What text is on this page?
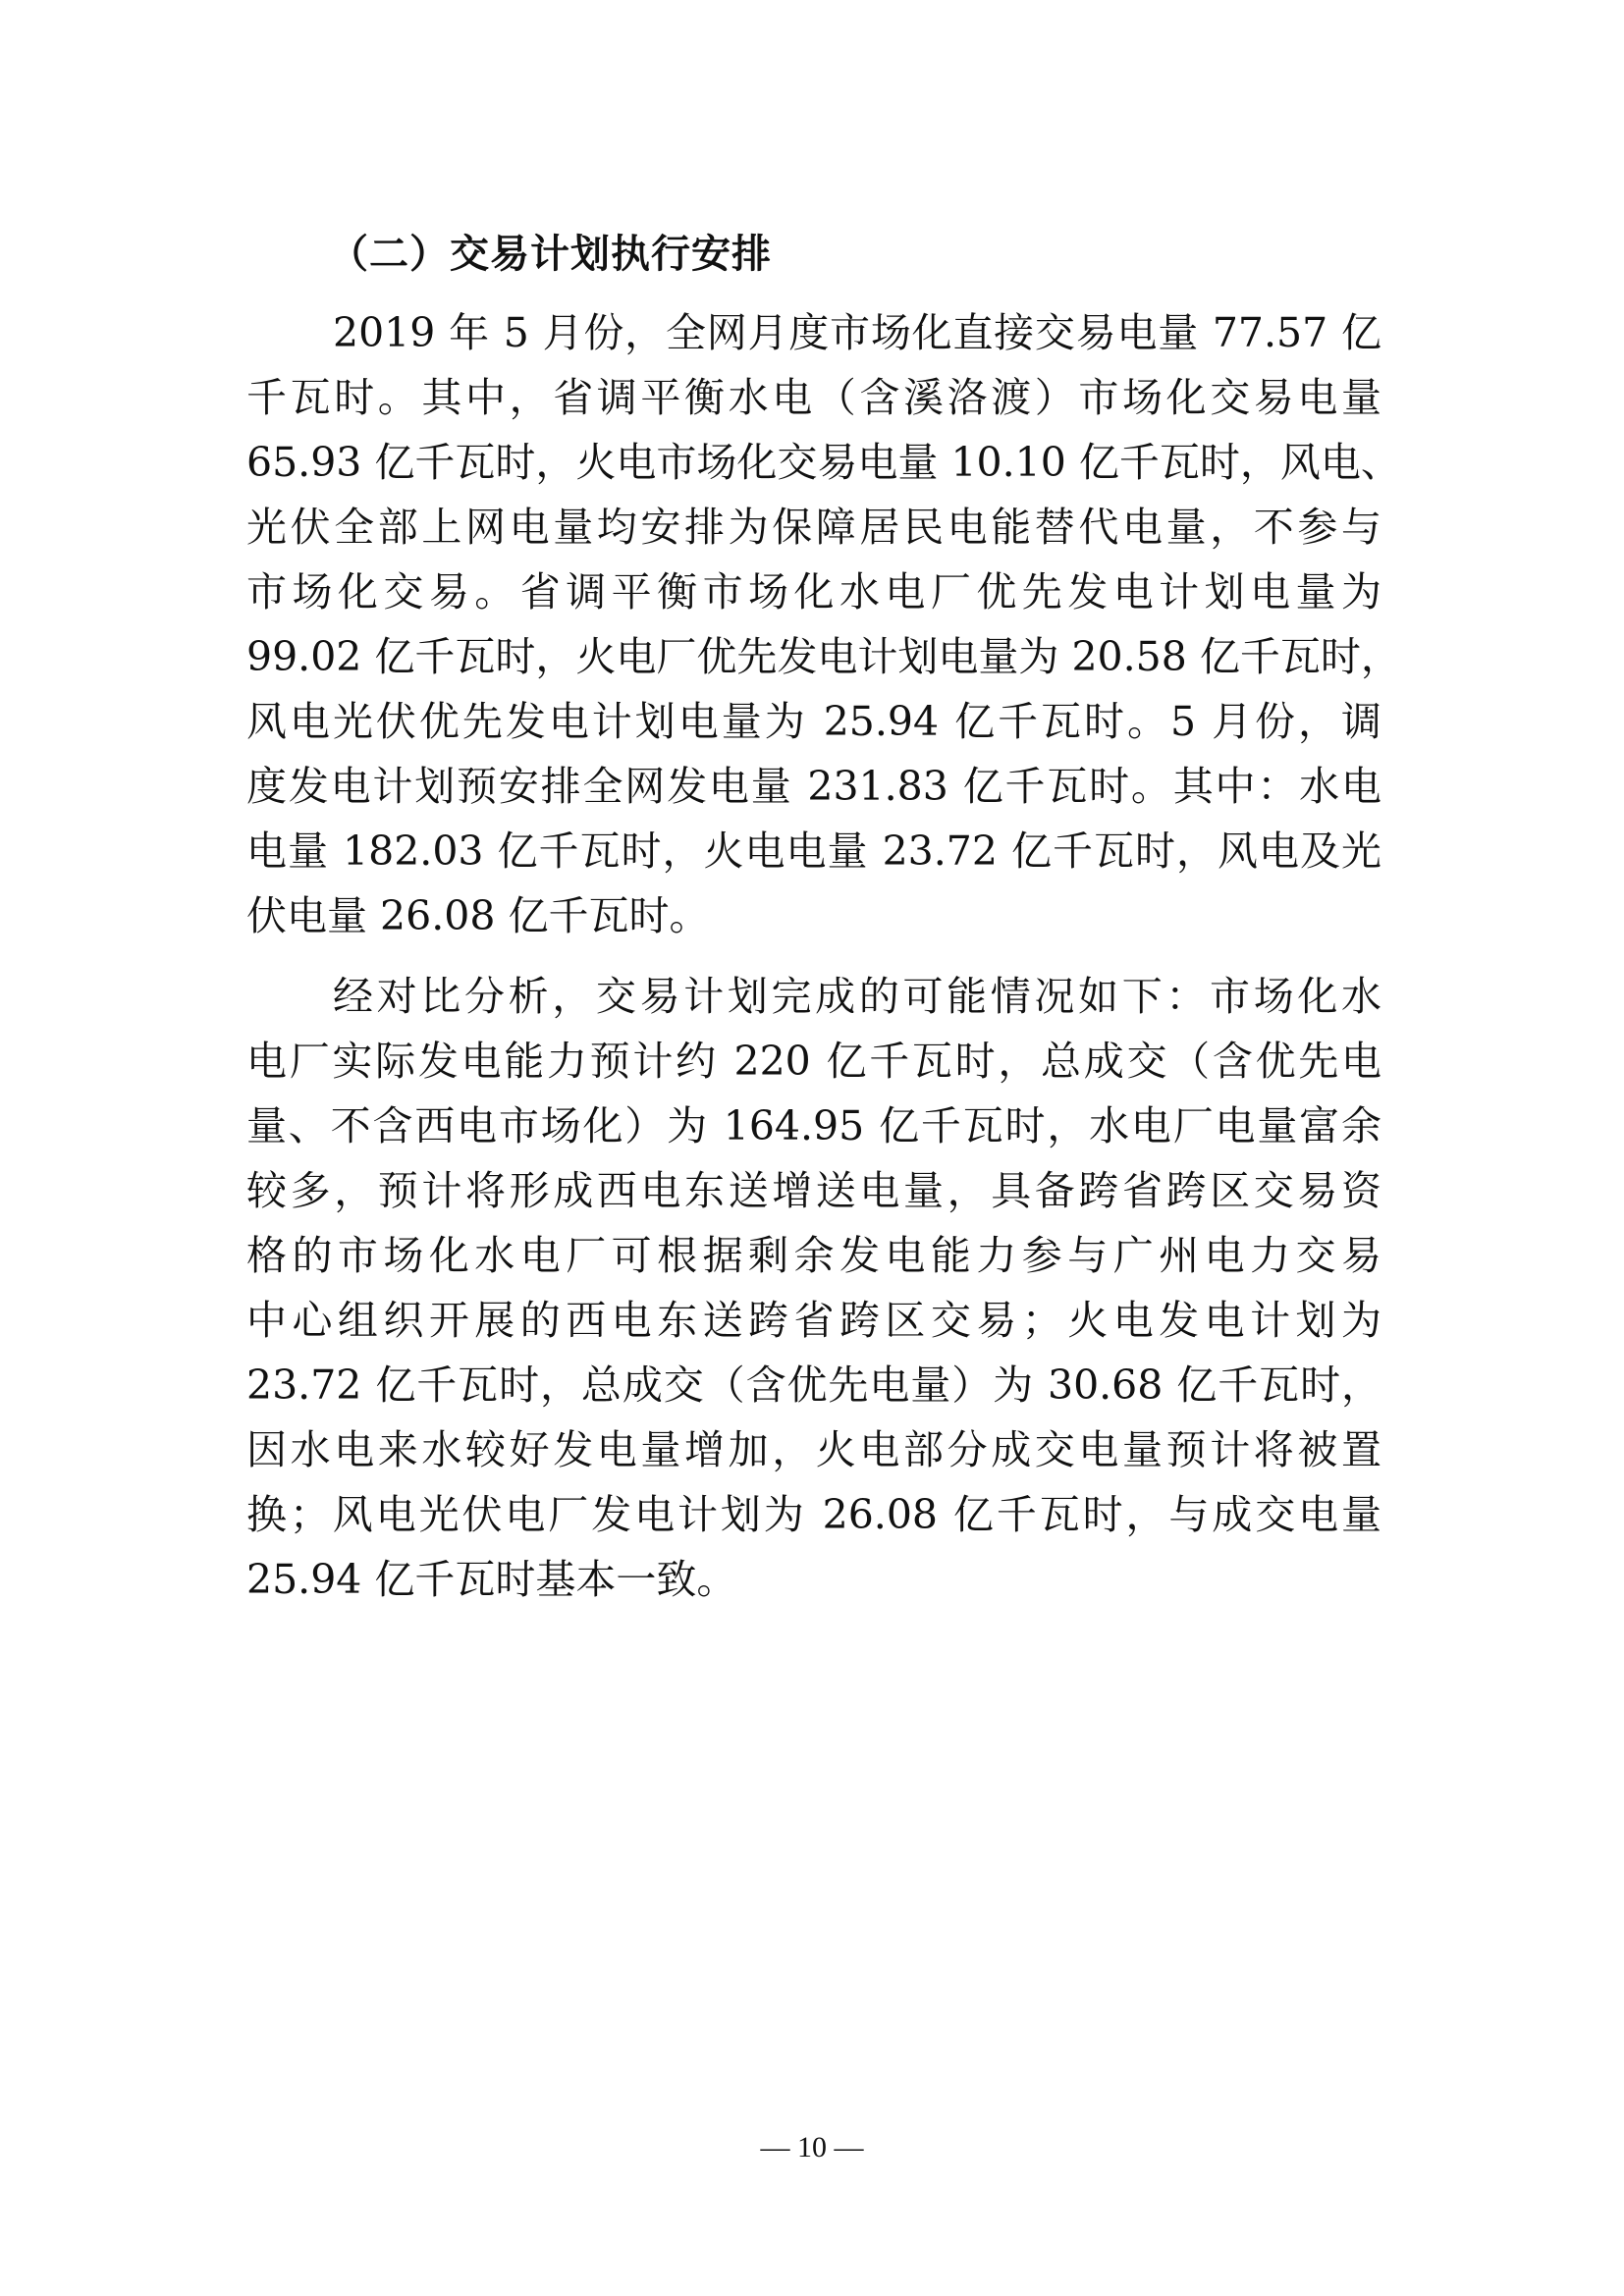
（二）交易计划执行安排
2019 年 5 月份，全网月度市场化直接交易电量 77.57 亿
千瓦时。其中，省调平衡水电（含溪洛渡）市场化交易电量
65.93 亿千瓦时，火电市场化交易电量 10.10 亿千瓦时，风电、
光伏全部上网电量均安排为保障居民电能替代电量，不参与
市场化交易。省调平衡市场化水电厂优先发电计划电量为
99.02 亿千瓦时，火电厂优先发电计划电量为 20.58 亿千瓦时，
风电光伏优先发电计划电量为 25.94 亿千瓦时。5 月份，调
度发电计划预安排全网发电量 231.83 亿千瓦时。其中：水电
电量 182.03 亿千瓦时，火电电量 23.72 亿千瓦时，风电及光
伏电量 26.08 亿千瓦时。
经对比分析，交易计划完成的可能情况如下：市场化水
电厂实际发电能力预计约 220 亿千瓦时，总成交（含优先电
量、不含西电市场化）为 164.95 亿千瓦时，水电厂电量富余
较多，预计将形成西电东送增送电量，具备跨省跨区交易资
格的市场化水电厂可根据剩余发电能力参与广州电力交易
中心组织开展的西电东送跨省跨区交易；火电发电计划为
23.72 亿千瓦时，总成交（含优先电量）为 30.68 亿千瓦时，
因水电来水较好发电量增加，火电部分成交电量预计将被置
换；风电光伏电厂发电计划为 26.08 亿千瓦时，与成交电量
25.94 亿千瓦时基本一致。
— 10 —
